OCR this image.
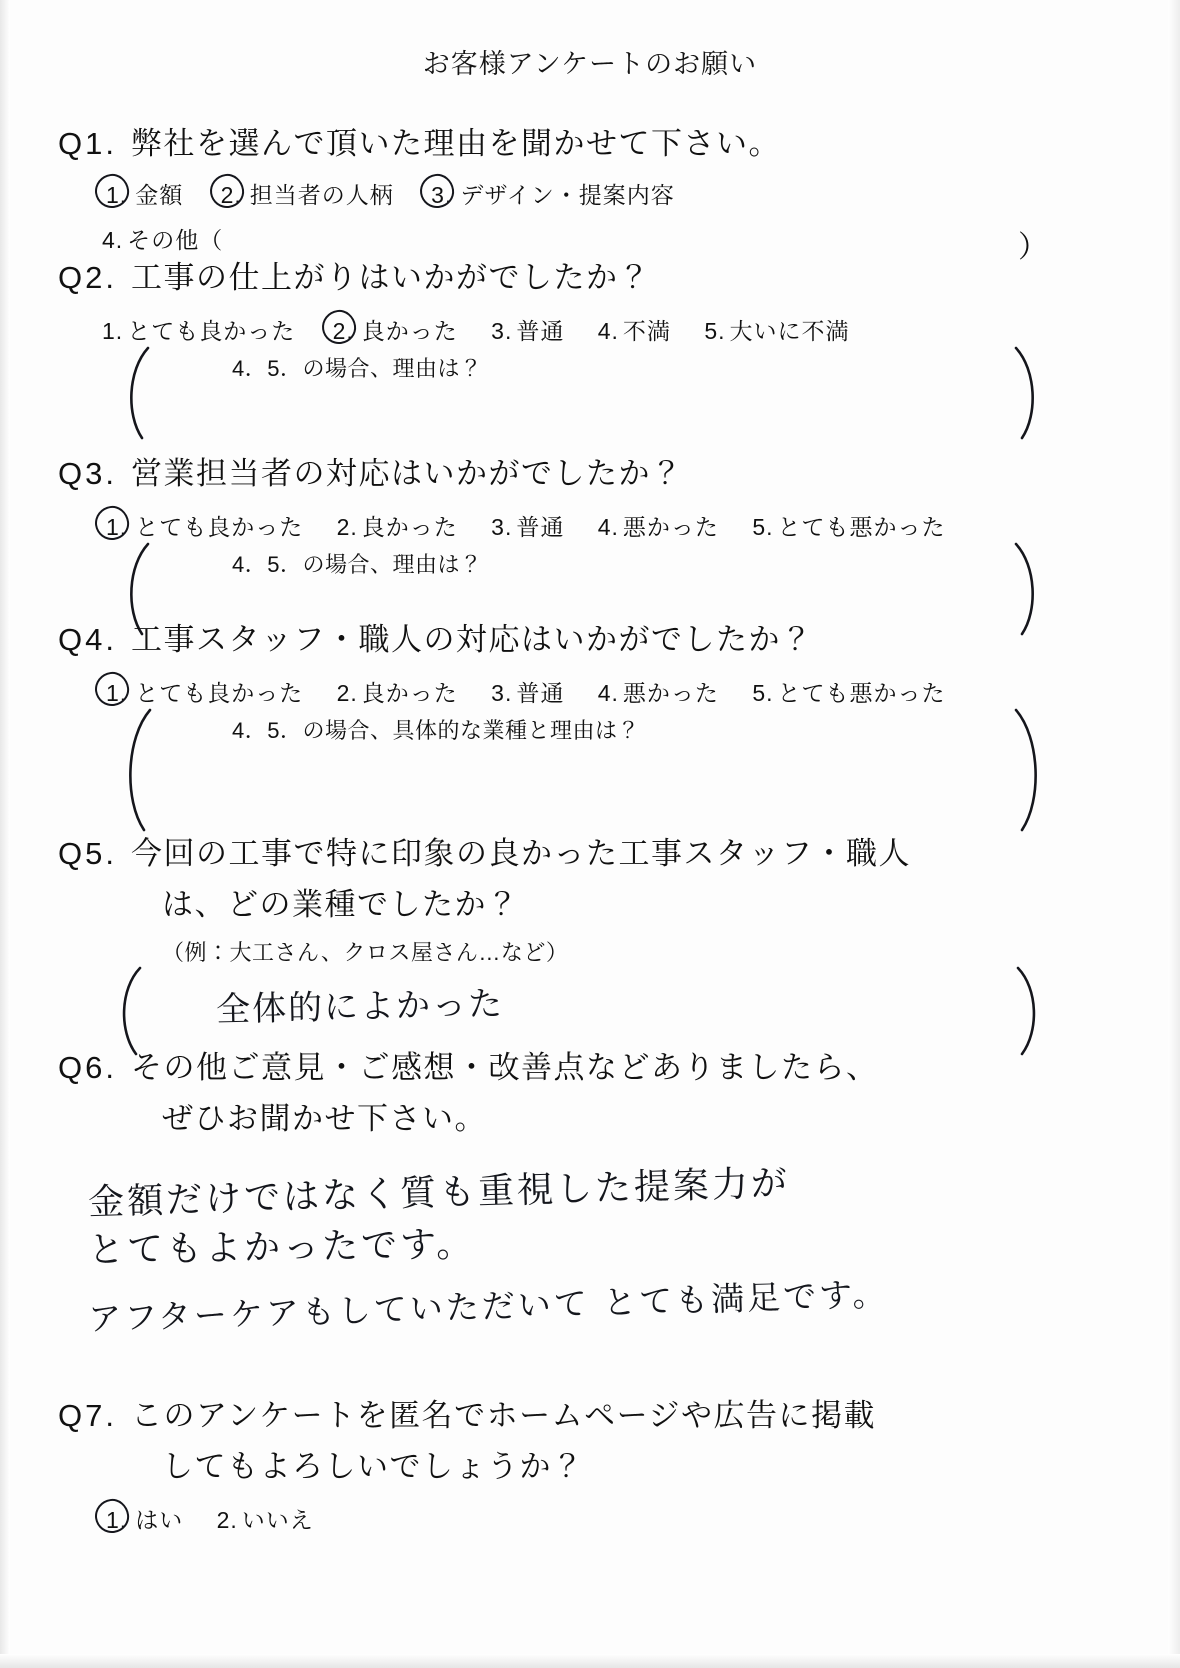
お客様アンケートのお願い
Q1. 弊社を選んで頂いた理由を聞かせて下さい。
1. 金額 2. 担当者の人柄 3. デザイン・提案内容
4. その他（	）
Q2. 工事の仕上がりはいかがでしたか？
1. とても良かった 2. 良かった 3. 普通 4. 不満 5. 大いに不満
4．5．の場合、理由は？
Q3. 営業担当者の対応はいかがでしたか？
1. とても良かった 2. 良かった 3. 普通 4. 悪かった 5. とても悪かった
4．5．の場合、理由は？
Q4. 工事スタッフ・職人の対応はいかがでしたか？
1. とても良かった 2. 良かった 3. 普通 4. 悪かった 5. とても悪かった
4．5．の場合、具体的な業種と理由は？
Q5. 今回の工事で特に印象の良かった工事スタッフ・職人
は、どの業種でしたか？
（例：大工さん、クロス屋さん…など）
全体的によかった
Q6. その他ご意見・ご感想・改善点などありましたら、
ぜひお聞かせ下さい。
金額だけではなく質も重視した提案力が
とてもよかったです。
アフターケアもしていただいて とても満足です。
Q7. このアンケートを匿名でホームページや広告に掲載
してもよろしいでしょうか？
1. はい 2. いいえ
